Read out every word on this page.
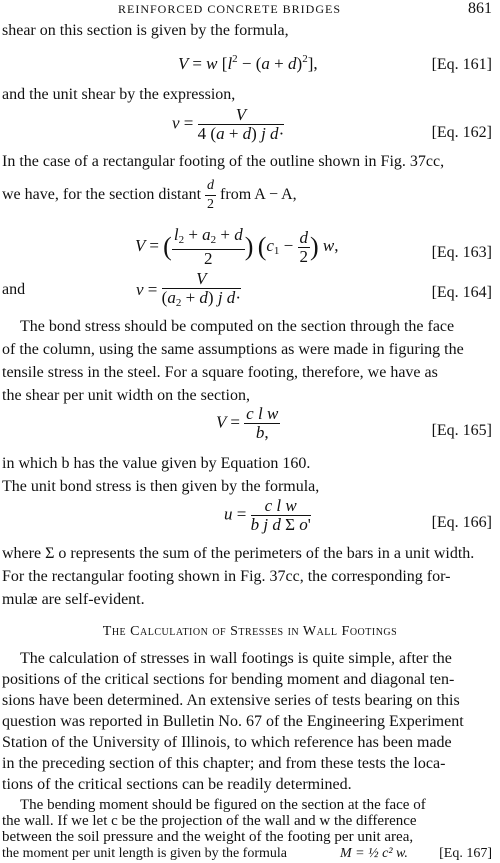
REINFORCED CONCRETE BRIDGES	861
shear on this section is given by the formula,
V = w $[l^2 - (a + d)^2]$,	[Eq. 161]
and the unit shear by the expression,
$v = \frac{V}{\text{4 (a + d) j d·}}$	[Eq. 162]
In the case of a rectangular footing of the outline shown in Fig. 37cc,
we have, for the section distant $\frac{d}{2}$ from A − A,
V = ( $\frac{l_2 + a_2 + d}{2}$ ) ($c_1 - \frac{d}{2}$ ) w,	[Eq. 163]
and	$v = \frac{V}{(a_2 + d) j d\cdot}$	[Eq. 164]
The bond stress should be computed on the section through the face
of the column, using the same assumptions as were made in figuring the
tensile stress in the steel. For a square footing, therefore, we have as
the shear per unit width on the section,
$V = \frac{\text{c l w}}{b,}$	[Eq. 165]
in which b has the value given by Equation 160.
The unit bond stress is then given by the formula,
$u = \frac{\text{c l w}}{\text{b j d Σ o'}}$	[Eq. 166]
where Σ o represents the sum of the perimeters of the bars in a unit width.
For the rectangular footing shown in Fig. 37cc, the corresponding for-
mulæ are self-evident.
The Calculation of Stresses in Wall Footings
The calculation of stresses in wall footings is quite simple, after the
positions of the critical sections for bending moment and diagonal ten-
sions have been determined. An extensive series of tests bearing on this
question was reported in Bulletin No. 67 of the Engineering Experiment
Station of the University of Illinois, to which reference has been made
in the preceding section of this chapter; and from these tests the loca-
tions of the critical sections can be readily determined.
The bending moment should be figured on the section at the face of
the wall. If we let c be the projection of the wall and w the difference
between the soil pressure and the weight of the footing per unit area,
the moment per unit length is given by the formula	M = ½ c² w. [Eq. 167]
